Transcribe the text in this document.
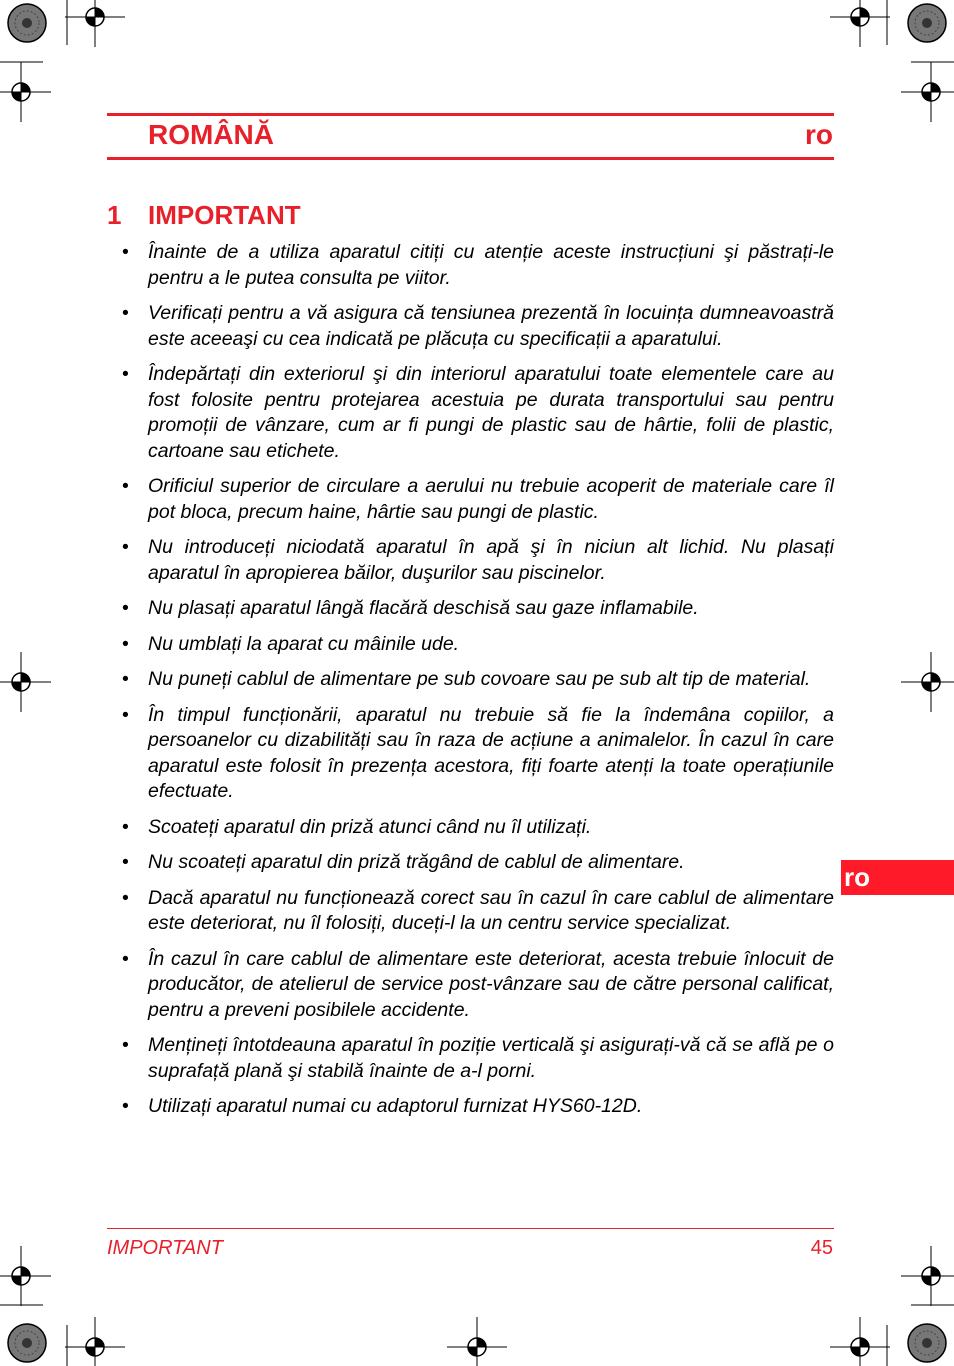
ROMÂNĂ	ro
1 IMPORTANT
• Înainte de a utiliza aparatul citiți cu atenție aceste instrucțiuni şi păstrați-le pentru a le putea consulta pe viitor.
• Verificați pentru a vă asigura că tensiunea prezentă în locuința dumneavoastră este aceeaşi cu cea indicată pe plăcuța cu specificații a aparatului.
• Îndepărtați din exteriorul şi din interiorul aparatului toate elementele care au fost folosite pentru protejarea acestuia pe durata transportului sau pentru promoții de vânzare, cum ar fi pungi de plastic sau de hârtie, folii de plastic, cartoane sau etichete.
• Orificiul superior de circulare a aerului nu trebuie acoperit de materiale care îl pot bloca, precum haine, hârtie sau pungi de plastic.
• Nu introduceți niciodată aparatul în apă şi în niciun alt lichid. Nu plasați aparatul în apropierea băilor, duşurilor sau piscinelor.
• Nu plasați aparatul lângă flacără deschisă sau gaze inflamabile.
• Nu umblați la aparat cu mâinile ude.
• Nu puneți cablul de alimentare pe sub covoare sau pe sub alt tip de material.
• În timpul funcționării, aparatul nu trebuie să fie la îndemâna copiilor, a persoanelor cu dizabilități sau în raza de acțiune a animalelor. În cazul în care aparatul este folosit în prezența acestora, fiți foarte atenți la toate operațiunile efectuate.
• Scoateți aparatul din priză atunci când nu îl utilizați.
• Nu scoateți aparatul din priză trăgând de cablul de alimentare.
• Dacă aparatul nu funcționează corect sau în cazul în care cablul de alimentare este deteriorat, nu îl folosiți, duceți-l la un centru service specializat.
• În cazul în care cablul de alimentare este deteriorat, acesta trebuie înlocuit de producător, de atelierul de service post-vânzare sau de către personal calificat, pentru a preveni posibilele accidente.
• Mențineți întotdeauna aparatul în poziție verticală şi asigurați-vă că se află pe o suprafață plană şi stabilă înainte de a-l porni.
• Utilizați aparatul numai cu adaptorul furnizat HYS60-12D.
ro
IMPORTANT	45
